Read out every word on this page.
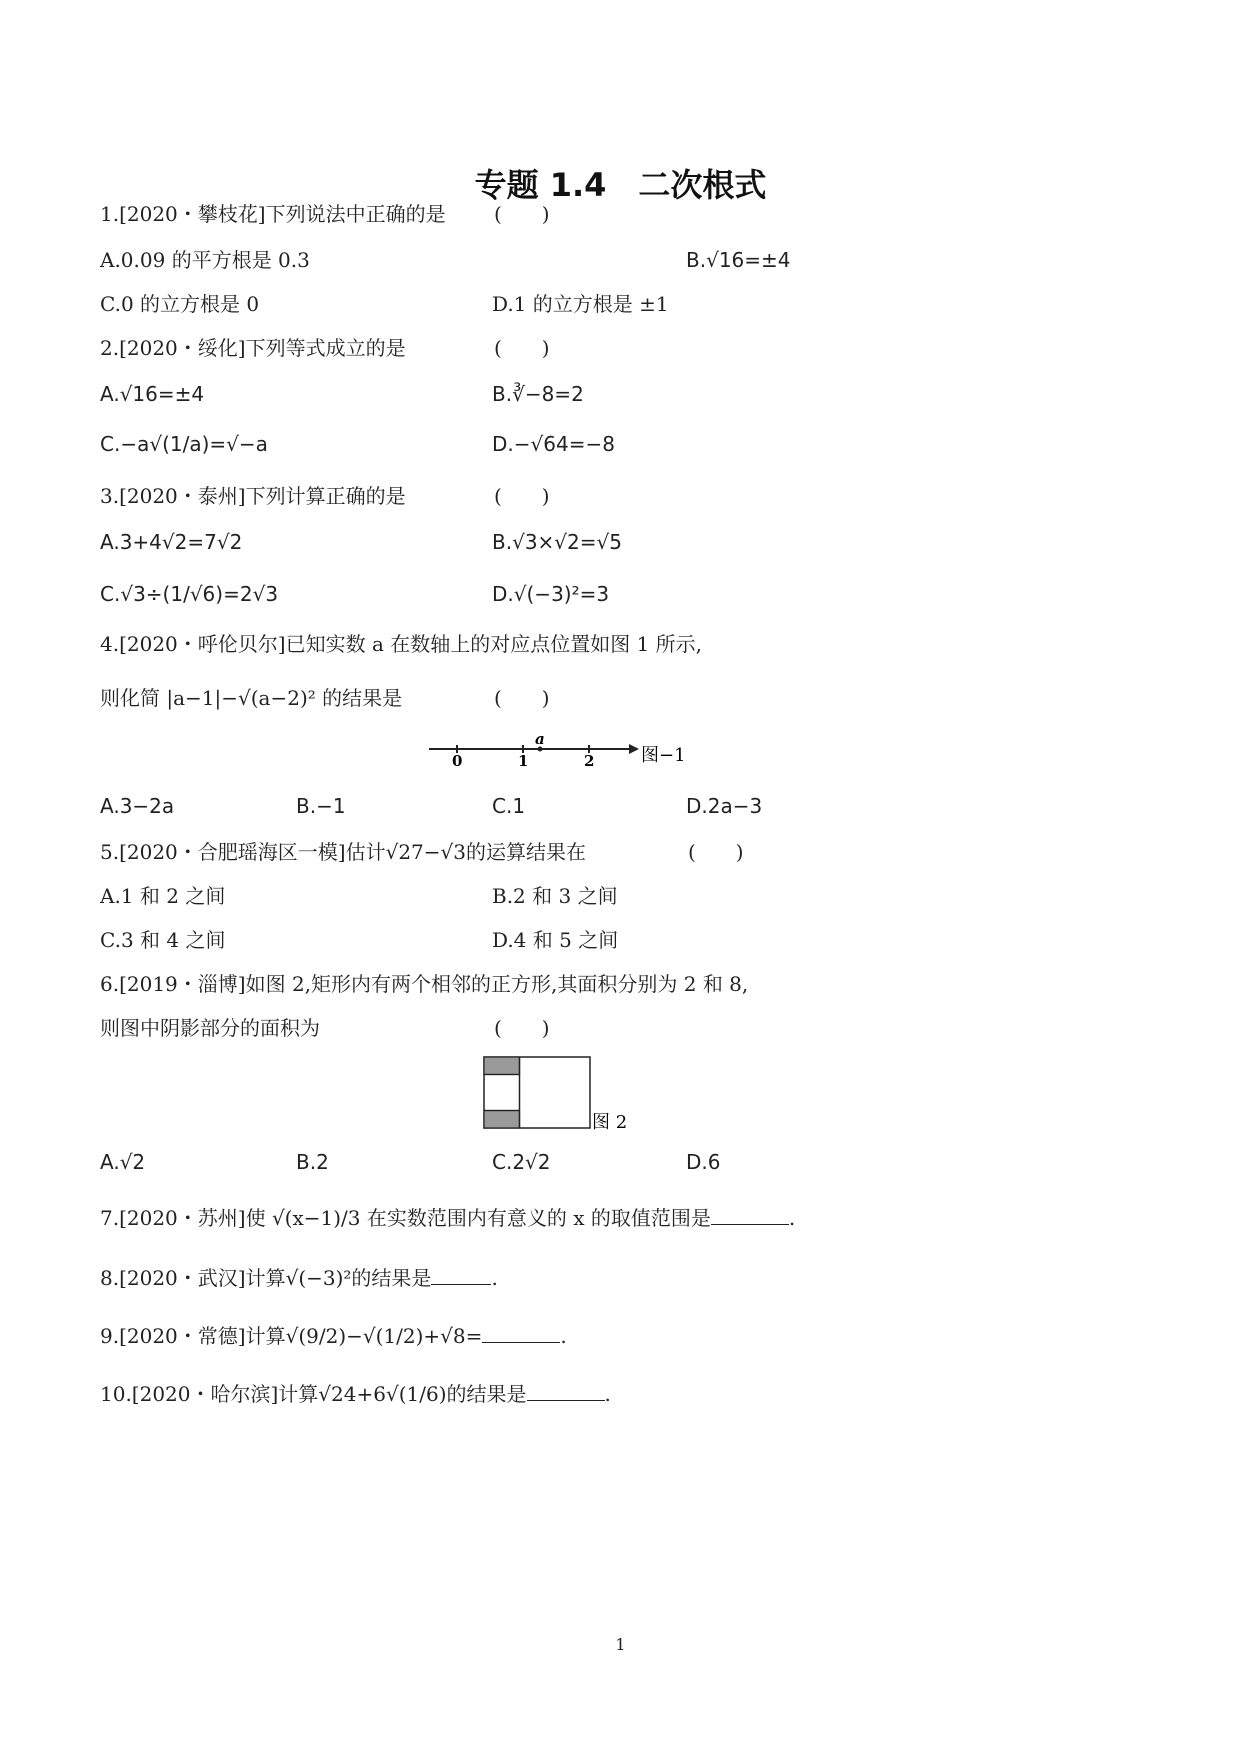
专题 1.4　二次根式
1.[2020・攀枝花]下列说法中正确的是 (　　)
A.0.09 的平方根是 0.3	B.√16=±4
C.0 的立方根是 0	D.1 的立方根是 ±1
2.[2020・绥化]下列等式成立的是	(　　)
A.√16=±4	B.∛−8=2
C.−a√(1/a)=√−a	D.−√64=−8
3.[2020・泰州]下列计算正确的是	(　　)
A.3+4√2=7√2	B.√3×√2=√5
C.√3÷(1/√6)=2√3	D.√(−3)²=3
4.[2020・呼伦贝尔]已知实数 a 在数轴上的对应点位置如图 1 所示,
则化简 |a−1|−√(a−2)² 的结果是	(　　)
0	1	2
a
图−1
A.3−2a	B.−1	C.1	D.2a−3
5.[2020・合肥瑶海区一模]估计√27−√3的运算结果在	(　　)
A.1 和 2 之间	B.2 和 3 之间
C.3 和 4 之间	D.4 和 5 之间
6.[2019・淄博]如图 2,矩形内有两个相邻的正方形,其面积分别为 2 和 8,
则图中阴影部分的面积为	(　　)
图 2
A.√2	B.2	C.2√2	D.6
7.[2020・苏州]使 √(x−1)/3 在实数范围内有意义的 x 的取值范围是	.
8.[2020・武汉]计算√(−3)²的结果是	.
9.[2020・常德]计算√(9/2)−√(1/2)+√8=	.
10.[2020・哈尔滨]计算√24+6√(1/6)的结果是	.
1
